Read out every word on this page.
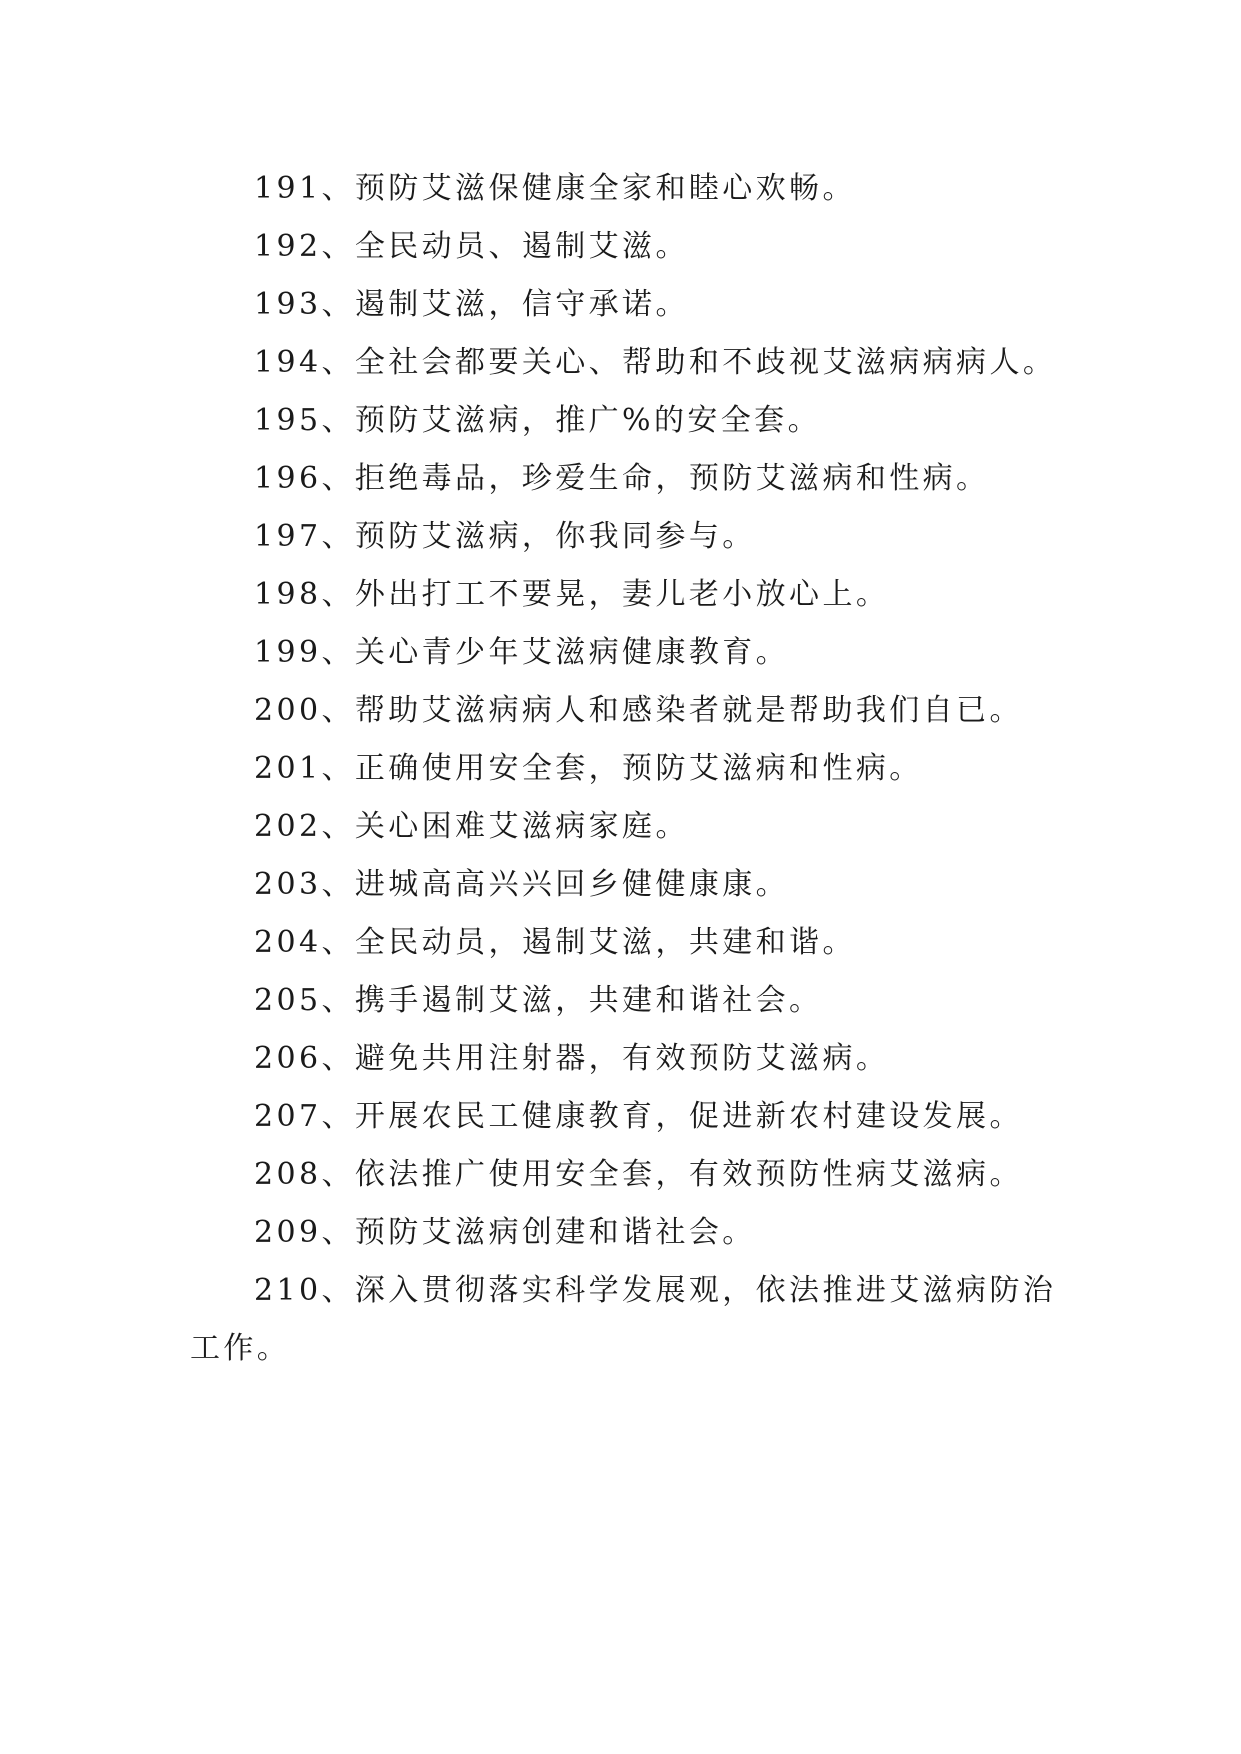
191、预防艾滋保健康全家和睦心欢畅。

192、全民动员、遏制艾滋。

193、遏制艾滋，信守承诺。

194、全社会都要关心、帮助和不歧视艾滋病病病人。

195、预防艾滋病，推广%的安全套。

196、拒绝毒品，珍爱生命，预防艾滋病和性病。

197、预防艾滋病，你我同参与。

198、外出打工不要晃，妻儿老小放心上。

199、关心青少年艾滋病健康教育。

200、帮助艾滋病病人和感染者就是帮助我们自已。

201、正确使用安全套，预防艾滋病和性病。

202、关心困难艾滋病家庭。

203、进城高高兴兴回乡健健康康。

204、全民动员，遏制艾滋，共建和谐。

205、携手遏制艾滋，共建和谐社会。

206、避免共用注射器，有效预防艾滋病。

207、开展农民工健康教育，促进新农村建设发展。

208、依法推广使用安全套，有效预防性病艾滋病。

209、预防艾滋病创建和谐社会。

210、深入贯彻落实科学发展观，依法推进艾滋病防治工作。
